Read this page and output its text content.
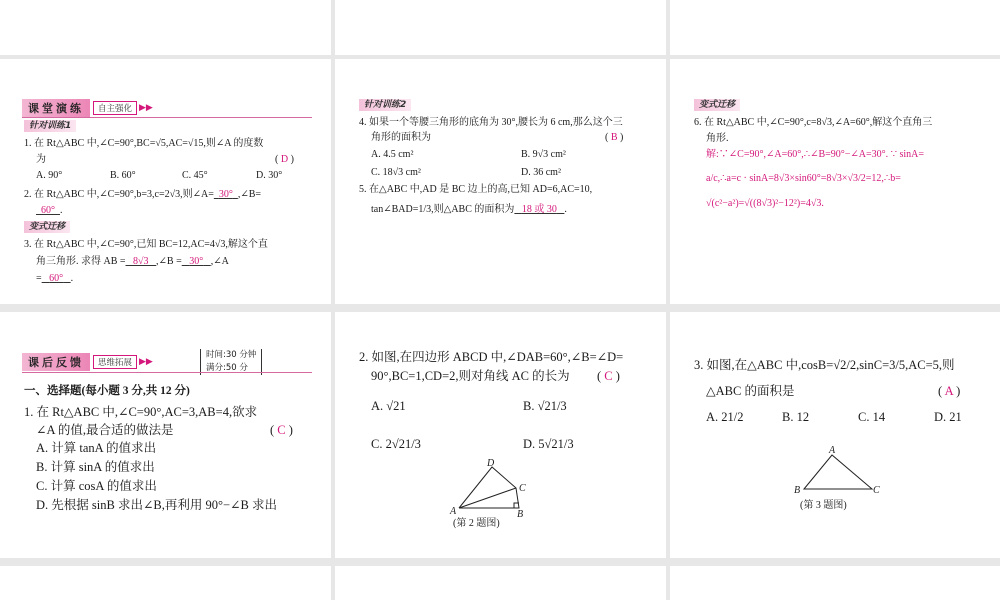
课堂演练	自主强化 ▶▶
针对训练1
1. 在 Rt△ABC 中,∠C=90°,BC=√5,AC=√15,则∠A 的度数
为	( D )
A. 90°	B. 60°	C. 45°	D. 30°
2. 在 Rt△ABC 中,∠C=90°,b=3,c=2√3,则∠A= 30° ,∠B=
60° .
变式迁移
3. 在 Rt△ABC 中,∠C=90°,已知 BC=12,AC=4√3,解这个直
角三角形. 求得 AB = 8√3 ,∠B = 30° ,∠A
= 60° .
针对训练2
4. 如果一个等腰三角形的底角为 30°,腰长为 6 cm,那么这个三
角形的面积为	( B )
A. 4.5 cm²	B. 9√3 cm²
C. 18√3 cm²	D. 36 cm²
5. 在△ABC 中,AD 是 BC 边上的高,已知 AD=6,AC=10,
tan∠BAD=1/3,则△ABC 的面积为 18 或 30 .
变式迁移
6. 在 Rt△ABC 中,∠C=90°,c=8√3,∠A=60°,解这个直角三
角形.
解:∵∠C=90°,∠A=60°,∴∠B=90°−∠A=30°. ∵ sinA=
a/c,∴a=c · sinA=8√3×sin60°=8√3×√3/2=12,∴b=
√(c²−a²)=√((8√3)²−12²)=4√3.
课后反馈	思维拓展 ▶▶
时间:30 分钟
满分:50 分
一、选择题(每小题 3 分,共 12 分)
1. 在 Rt△ABC 中,∠C=90°,AC=3,AB=4,欲求
∠A 的值,最合适的做法是	( C )
A. 计算 tanA 的值求出
B. 计算 sinA 的值求出
C. 计算 cosA 的值求出
D. 先根据 sinB 求出∠B,再利用 90°−∠B 求出
2. 如图,在四边形 ABCD 中,∠DAB=60°,∠B=∠D=
90°,BC=1,CD=2,则对角线 AC 的长为 ( C )
A. √21	B. √21/3
C. 2√21/3	D. 5√21/3
A	B
C
D
(第 2 题图)
3. 如图,在△ABC 中,cosB=√2/2,sinC=3/5,AC=5,则
△ABC 的面积是	( A )
A. 21/2	B. 12	C. 14	D. 21
A
B	C
(第 3 题图)
